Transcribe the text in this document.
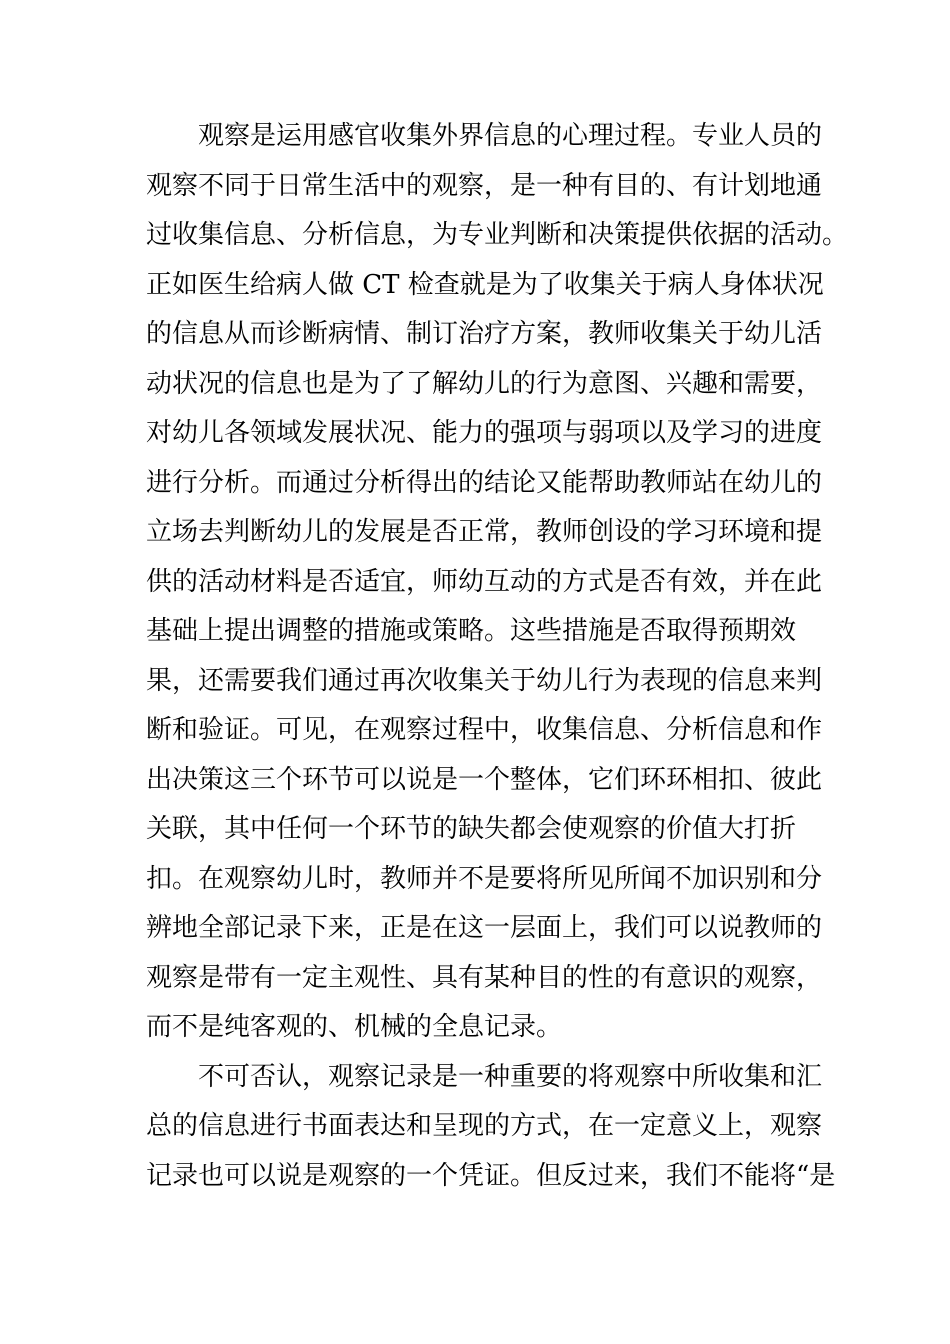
观察是运用感官收集外界信息的心理过程。专业人员的
观察不同于日常生活中的观察，是一种有目的、有计划地通
过收集信息、分析信息，为专业判断和决策提供依据的活动。
正如医生给病人做 CT 检查就是为了收集关于病人身体状况
的信息从而诊断病情、制订治疗方案，教师收集关于幼儿活
动状况的信息也是为了了解幼儿的行为意图、兴趣和需要，
对幼儿各领域发展状况、能力的强项与弱项以及学习的进度
进行分析。而通过分析得出的结论又能帮助教师站在幼儿的
立场去判断幼儿的发展是否正常，教师创设的学习环境和提
供的活动材料是否适宜，师幼互动的方式是否有效，并在此
基础上提出调整的措施或策略。这些措施是否取得预期效
果，还需要我们通过再次收集关于幼儿行为表现的信息来判
断和验证。可见，在观察过程中，收集信息、分析信息和作
出决策这三个环节可以说是一个整体，它们环环相扣、彼此
关联，其中任何一个环节的缺失都会使观察的价值大打折
扣。在观察幼儿时，教师并不是要将所见所闻不加识别和分
辨地全部记录下来，正是在这一层面上，我们可以说教师的
观察是带有一定主观性、具有某种目的性的有意识的观察，
而不是纯客观的、机械的全息记录。
不可否认，观察记录是一种重要的将观察中所收集和汇
总的信息进行书面表达和呈现的方式，在一定意义上，观察
记录也可以说是观察的一个凭证。但反过来，我们不能将“是
